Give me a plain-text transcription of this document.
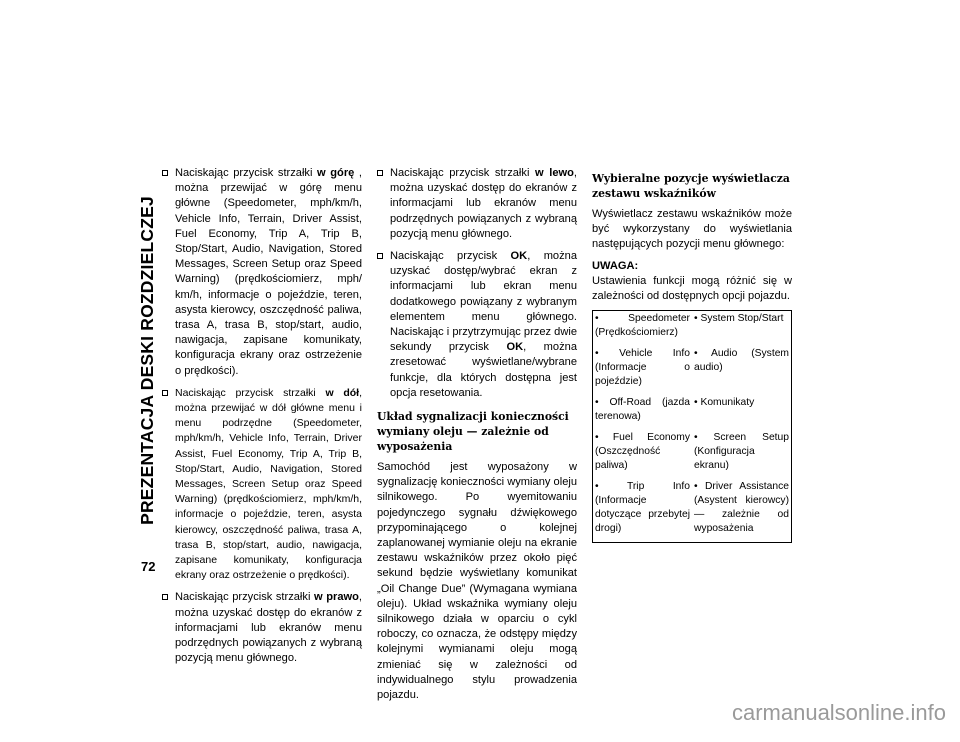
PREZENTACJA DESKI ROZDZIELCZEJ
72

Naciskając przycisk strzałki w górę , można przewijać w górę menu główne (Speedometer, mph/km/h, Vehicle Info, Terrain, Driver Assist, Fuel Economy, Trip A, Trip B, Stop/Start, Audio, Navigation, Stored Messages, Screen Setup oraz Speed Warning) (prędkościomierz, mph/ km/h, informacje o pojeździe, teren, asysta kierowcy, oszczędność paliwa, trasa A, trasa B, stop/start, audio, nawigacja, zapisane komunikaty, konfiguracja ekrany oraz ostrzeżenie o prędkości).

Naciskając przycisk strzałki w dół, można przewijać w dół główne menu i menu podrzędne (Speedometer, mph/km/h, Vehicle Info, Terrain, Driver Assist, Fuel Economy, Trip A, Trip B, Stop/Start, Audio, Navigation, Stored Messages, Screen Setup oraz Speed Warning) (prędkościomierz, mph/km/h, informacje o pojeździe, teren, asysta kierowcy, oszczędność paliwa, trasa A, trasa B, stop/start, audio, nawigacja, zapisane komunikaty, konfiguracja ekrany oraz ostrzeżenie o prędkości).

Naciskając przycisk strzałki w prawo, można uzyskać dostęp do ekranów z informacjami lub ekranów menu podrzędnych powiązanych z wybraną pozycją menu głównego.

Naciskając przycisk strzałki w lewo, można uzyskać dostęp do ekranów z informacjami lub ekranów menu podrzędnych powiązanych z wybraną pozycją menu głównego.

Naciskając przycisk OK, można uzyskać dostęp/wybrać ekran z informacjami lub ekran menu dodatkowego powiązany z wybranym elementem menu głównego. Naciskając i przytrzymując przez dwie sekundy przycisk OK, można zresetować wyświetlane/wybrane funkcje, dla których dostępna jest opcja resetowania.

Układ sygnalizacji konieczności wymiany oleju — zależnie od wyposażenia

Samochód jest wyposażony w sygnalizację konieczności wymiany oleju silnikowego. Po wyemitowaniu pojedynczego sygnału dźwiękowego przypominającego o kolejnej zaplanowanej wymianie oleju na ekranie zestawu wskaźników przez około pięć sekund będzie wyświetlany komunikat „Oil Change Due” (Wymagana wymiana oleju). Układ wskaźnika wymiany oleju silnikowego działa w oparciu o cykl roboczy, co oznacza, że odstępy między kolejnymi wymianami oleju mogą zmieniać się w zależności od indywidualnego stylu prowadzenia pojazdu.

Wybieralne pozycje wyświetlacza zestawu wskaźników

Wyświetlacz zestawu wskaźników może być wykorzystany do wyświetlania następujących pozycji menu głównego:

UWAGA:

Ustawienia funkcji mogą różnić się w zależności od dostępnych opcji pojazdu.

• Speedometer (Prędkościomierz)	• System Stop/Start
• Vehicle Info (Informacje o pojeździe)	• Audio (System audio)
• Off-Road (jazda terenowa)	• Komunikaty
• Fuel Economy (Oszczędność paliwa)	• Screen Setup (Konfiguracja ekranu)
• Trip Info (Informacje dotyczące przebytej drogi)	• Driver Assistance (Asystent kierowcy) — zależnie od wyposażenia
carmanualsonline.info
